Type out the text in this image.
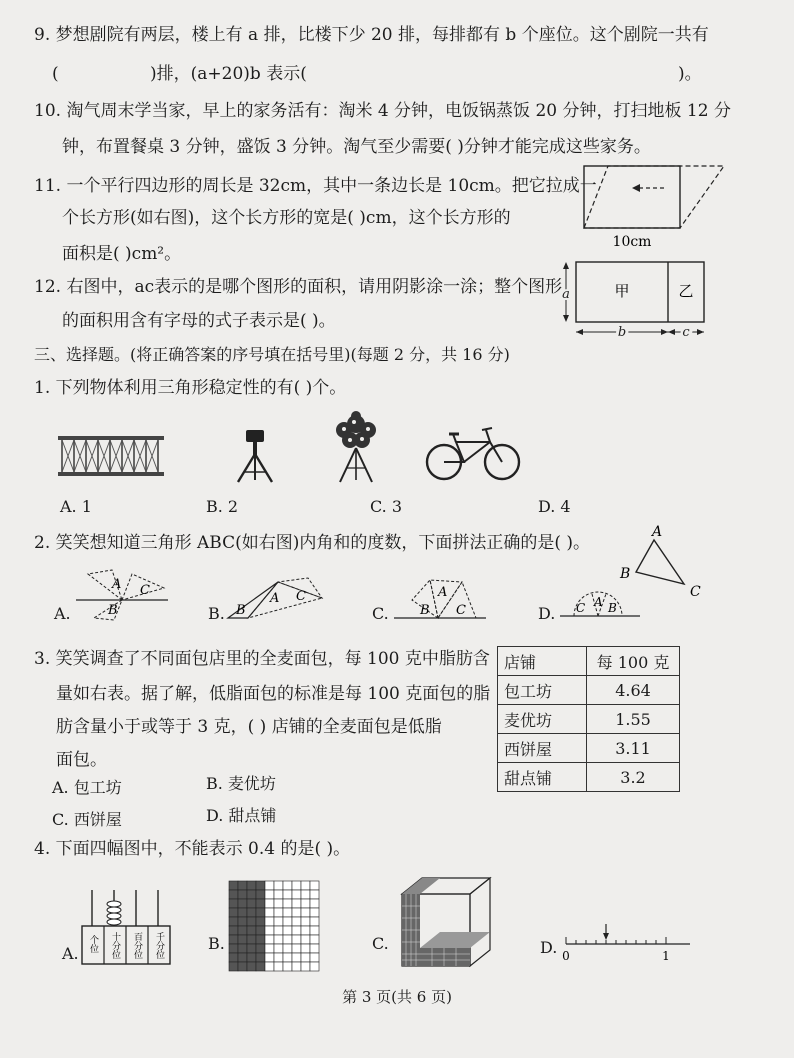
9. 梦想剧院有两层，楼上有 a 排，比楼下少 20 排，每排都有 b 个座位。这个剧院一共有
(	)排，(a+20)b 表示(	)。
10. 淘气周末学当家，早上的家务活有：淘米 4 分钟，电饭锅蒸饭 20 分钟，打扫地板 12 分
钟，布置餐桌 3 分钟，盛饭 3 分钟。淘气至少需要( )分钟才能完成这些家务。
11. 一个平行四边形的周长是 32cm，其中一条边长是 10cm。把它拉成一
个长方形(如右图)，这个长方形的宽是( )cm，这个长方形的
面积是( )cm²。
10cm
12. 右图中，ac表示的是哪个图形的面积，请用阴影涂一涂；整个图形
的面积用含有字母的式子表示是( )。
a	甲	乙
b	c
三、选择题。(将正确答案的序号填在括号里)(每题 2 分，共 16 分)
1. 下列物体利用三角形稳定性的有( )个。
A. 1	B. 2	C. 3	D. 4
2. 笑笑想知道三角形 ABC(如右图)内角和的度数，下面拼法正确的是( )。
A
B
C
A.
A C
B	B. B
A C
C. B
A
C	D. C A B
3. 笑笑调查了不同面包店里的全麦面包，每 100 克中脂肪含
量如右表。据了解，低脂面包的标准是每 100 克面包的脂
肪含量小于或等于 3 克，( ) 店铺的全麦面包是低脂
面包。
店铺	每 100 克
包工坊	4.64
麦优坊	1.55
西饼屋	3.11
甜点铺	3.2
A. 包工坊	B. 麦优坊
C. 西饼屋	D. 甜点铺
4. 下面四幅图中，不能表示 0.4 的是( )。
A. 个位 十分位 百分位 千分位	B.	C.	D. 0	1
第 3 页(共 6 页)
